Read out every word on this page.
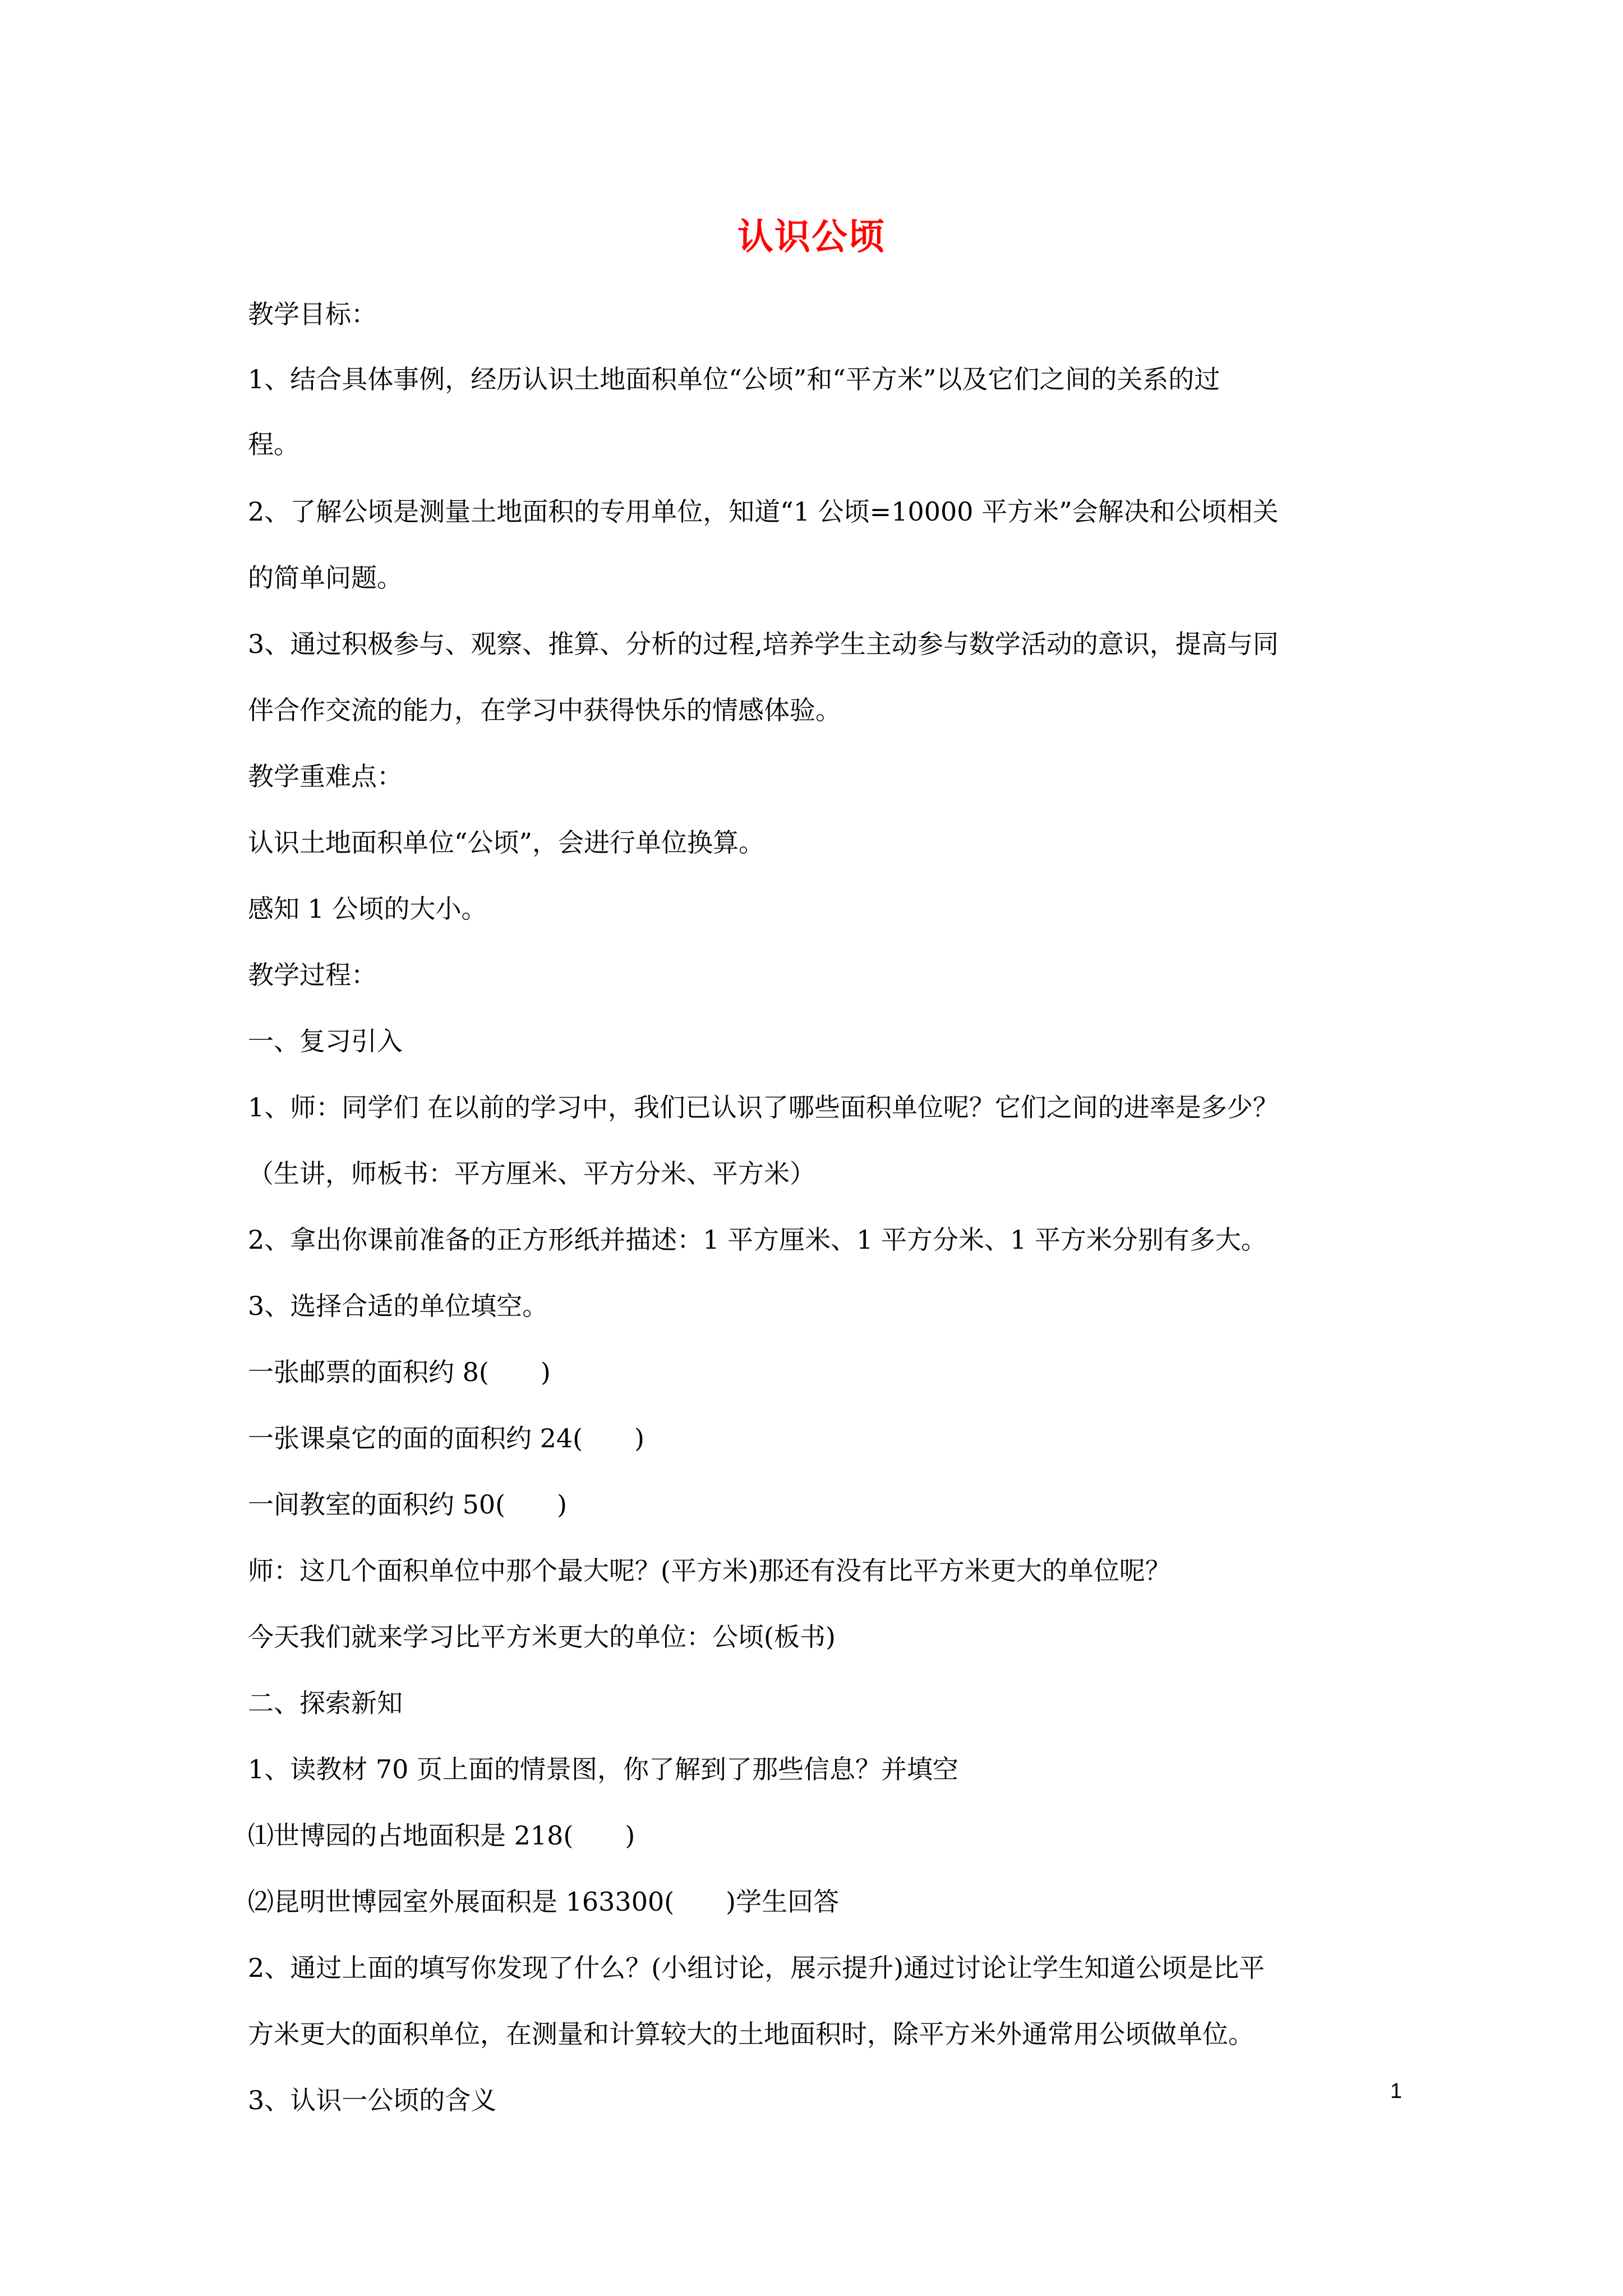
认识公顷
教学目标：
1、结合具体事例，经历认识土地面积单位“公顷”和“平方米”以及它们之间的关系的过
程。
2、了解公顷是测量土地面积的专用单位，知道“1 公顷=10000 平方米”会解决和公顷相关
的简单问题。
3、通过积极参与、观察、推算、分析的过程,培养学生主动参与数学活动的意识，提高与同
伴合作交流的能力，在学习中获得快乐的情感体验。
教学重难点：
认识土地面积单位“公顷”，会进行单位换算。
感知 1 公顷的大小。
教学过程：
一、复习引入
1、师：同学们 在以前的学习中，我们已认识了哪些面积单位呢？它们之间的进率是多少？
（生讲，师板书：平方厘米、平方分米、平方米）
2、拿出你课前准备的正方形纸并描述：1 平方厘米、1 平方分米、1 平方米分别有多大。
3、选择合适的单位填空。
一张邮票的面积约 8(　　)
一张课桌它的面的面积约 24(　　)
一间教室的面积约 50(　　)
师：这几个面积单位中那个最大呢？(平方米)那还有没有比平方米更大的单位呢？
今天我们就来学习比平方米更大的单位：公顷(板书)
二、探索新知
1、读教材 70 页上面的情景图，你了解到了那些信息？并填空
⑴世博园的占地面积是 218(　　)
⑵昆明世博园室外展面积是 163300(　　)学生回答
2、通过上面的填写你发现了什么？(小组讨论，展示提升)通过讨论让学生知道公顷是比平
方米更大的面积单位，在测量和计算较大的土地面积时，除平方米外通常用公顷做单位。
3、认识一公顷的含义	1
